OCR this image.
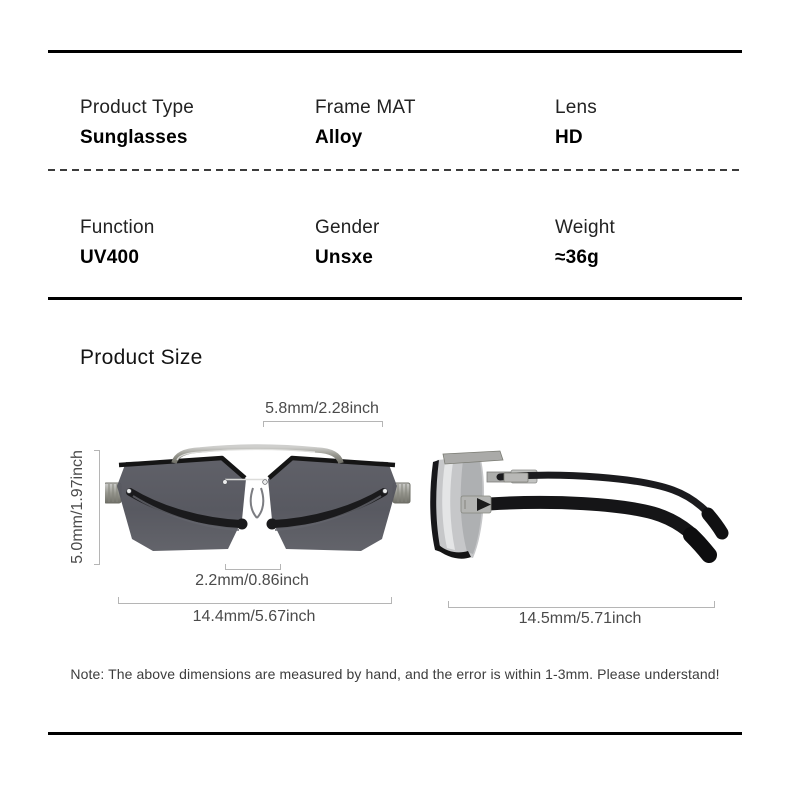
Product Type
Sunglasses
Frame MAT
Alloy
Lens
HD
Function
UV400
Gender
Unsxe
Weight
≈36g
Product Size
5.8mm/2.28inch
5.0mm/1.97inch
2.2mm/0.86inch
14.4mm/5.67inch	14.5mm/5.71inch
Note: The above dimensions are measured by hand, and the error is within 1-3mm. Please understand!
